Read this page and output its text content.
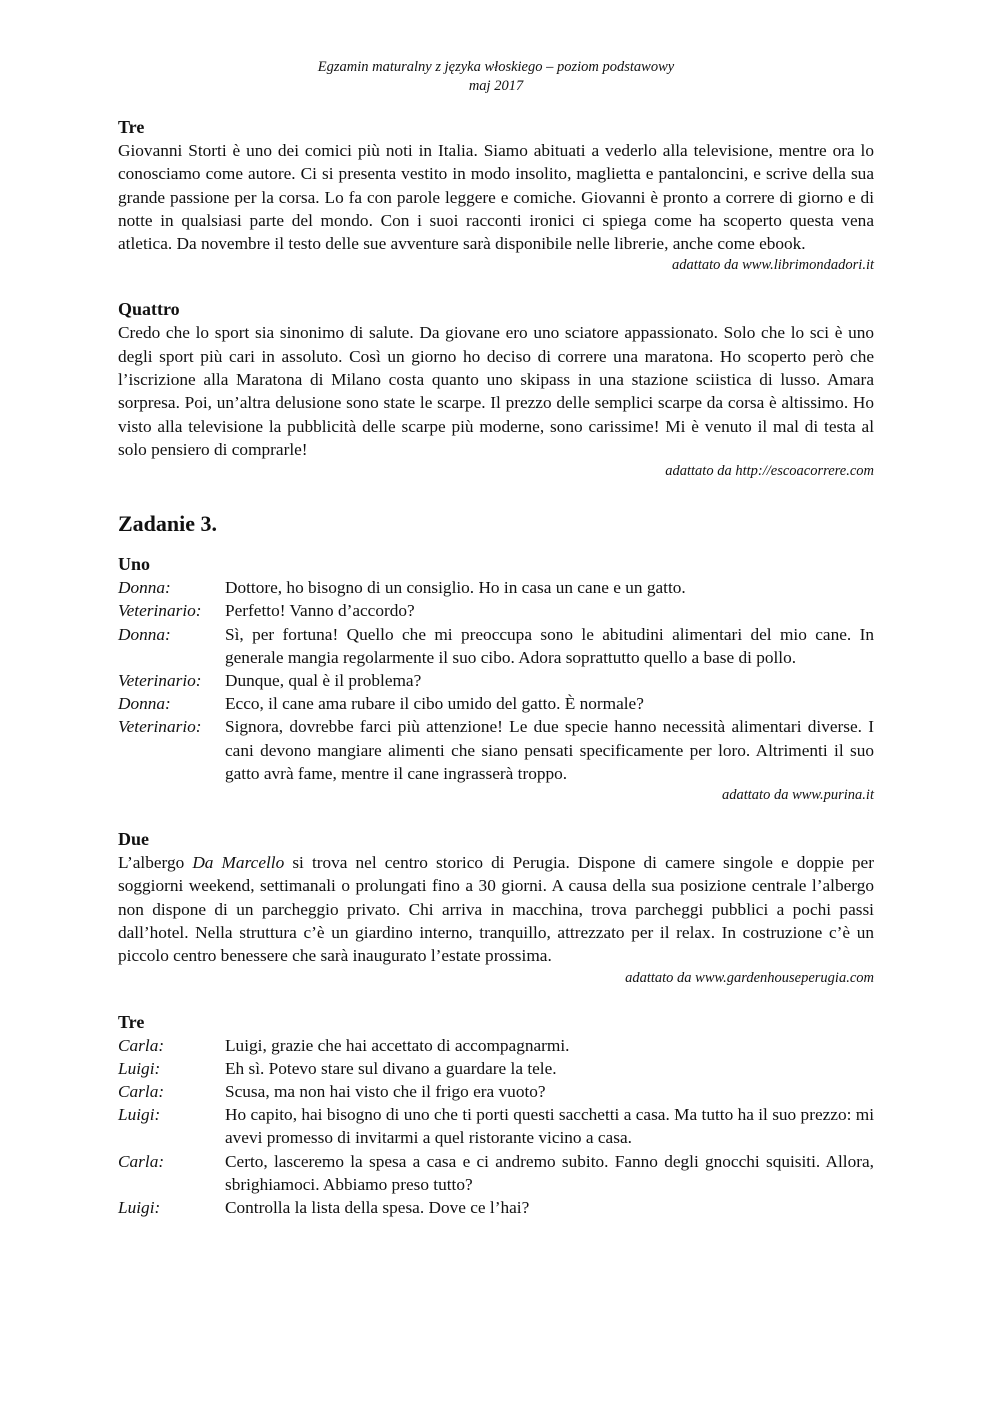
Egzamin maturalny z języka włoskiego – poziom podstawowy
maj 2017
Tre

Giovanni Storti è uno dei comici più noti in Italia. Siamo abituati a vederlo alla televisione, mentre ora lo conosciamo come autore. Ci si presenta vestito in modo insolito, maglietta e pantaloncini, e scrive della sua grande passione per la corsa. Lo fa con parole leggere e comiche. Giovanni è pronto a correre di giorno e di notte in qualsiasi parte del mondo. Con i suoi racconti ironici ci spiega come ha scoperto questa vena atletica. Da novembre il testo delle sue avventure sarà disponibile nelle librerie, anche come ebook.

adattato da www.librimondadori.it
Quattro

Credo che lo sport sia sinonimo di salute. Da giovane ero uno sciatore appassionato. Solo che lo sci è uno degli sport più cari in assoluto. Così un giorno ho deciso di correre una maratona. Ho scoperto però che l’iscrizione alla Maratona di Milano costa quanto uno skipass in una stazione sciistica di lusso. Amara sorpresa. Poi, un’altra delusione sono state le scarpe. Il prezzo delle semplici scarpe da corsa è altissimo. Ho visto alla televisione la pubblicità delle scarpe più moderne, sono carissime! Mi è venuto il mal di testa al solo pensiero di comprarle!

adattato da http://escoacorrere.com
Zadanie 3.
Uno
Donna:	Dottore, ho bisogno di un consiglio. Ho in casa un cane e un gatto.
Veterinario:	Perfetto! Vanno d’accordo?
Donna:	Sì, per fortuna! Quello che mi preoccupa sono le abitudini alimentari del mio cane. In generale mangia regolarmente il suo cibo. Adora soprattutto quello a base di pollo.
Veterinario:	Dunque, qual è il problema?
Donna:	Ecco, il cane ama rubare il cibo umido del gatto. È normale?
Veterinario:	Signora, dovrebbe farci più attenzione! Le due specie hanno necessità alimentari diverse. I cani devono mangiare alimenti che siano pensati specificamente per loro. Altrimenti il suo gatto avrà fame, mentre il cane ingrasserà troppo.
adattato da www.purina.it
Due

L’albergo Da Marcello si trova nel centro storico di Perugia. Dispone di camere singole e doppie per soggiorni weekend, settimanali o prolungati fino a 30 giorni. A causa della sua posizione centrale l’albergo non dispone di un parcheggio privato. Chi arriva in macchina, trova parcheggi pubblici a pochi passi dall’hotel. Nella struttura c’è un giardino interno, tranquillo, attrezzato per il relax. In costruzione c’è un piccolo centro benessere che sarà inaugurato l’estate prossima.

adattato da www.gardenhouseperugia.com
Tre
Carla:	Luigi, grazie che hai accettato di accompagnarmi.
Luigi:	Eh sì. Potevo stare sul divano a guardare la tele.
Carla:	Scusa, ma non hai visto che il frigo era vuoto?
Luigi:	Ho capito, hai bisogno di uno che ti porti questi sacchetti a casa. Ma tutto ha il suo prezzo: mi avevi promesso di invitarmi a quel ristorante vicino a casa.
Carla:	Certo, lasceremo la spesa a casa e ci andremo subito. Fanno degli gnocchi squisiti. Allora, sbrighiamoci. Abbiamo preso tutto?
Luigi:	Controlla la lista della spesa. Dove ce l’hai?
